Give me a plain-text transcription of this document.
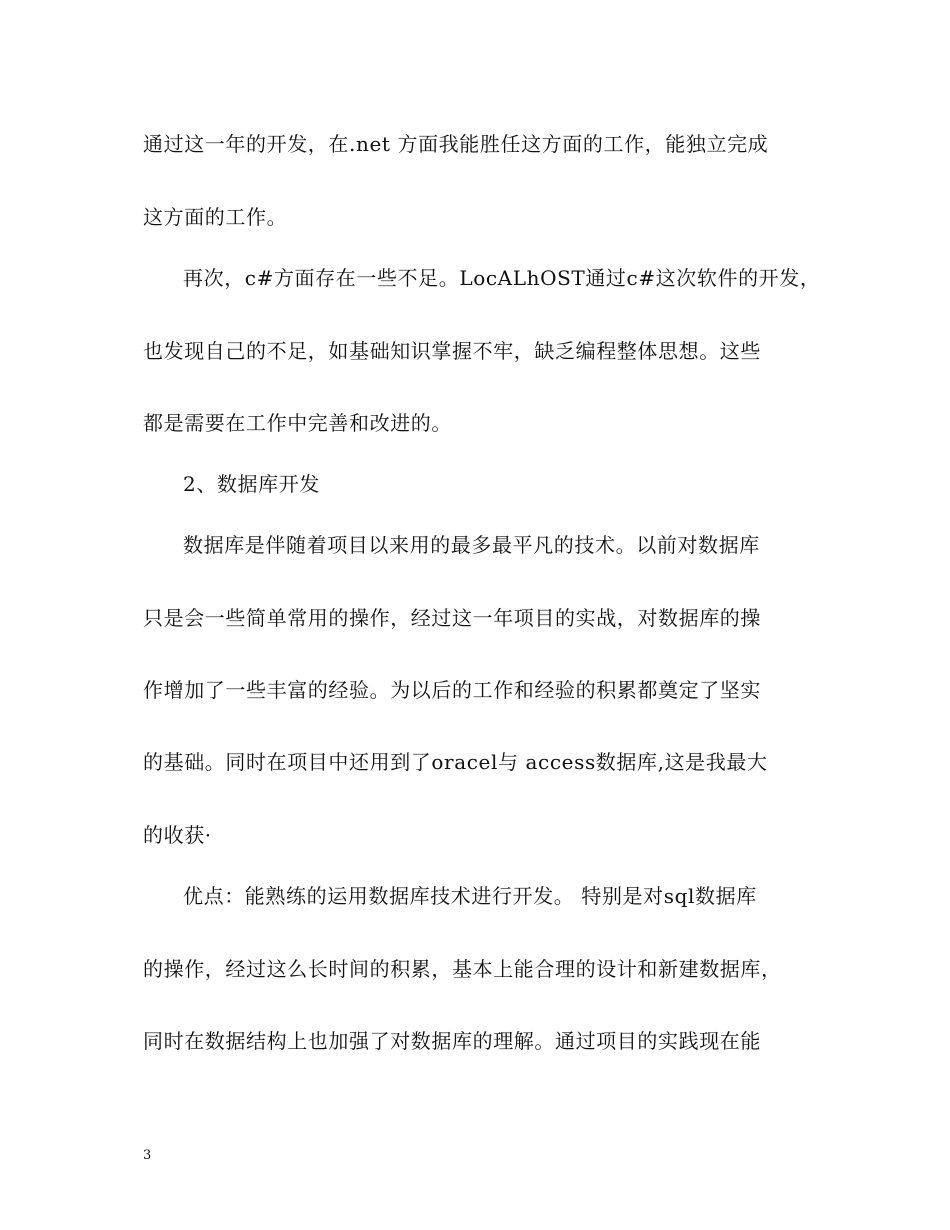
通过这一年的开发，在.net 方面我能胜任这方面的工作，能独立完成
这方面的工作。
再次，c#方面存在一些不足。LocALhOST通过c#这次软件的开发，
也发现自己的不足，如基础知识掌握不牢，缺乏编程整体思想。这些
都是需要在工作中完善和改进的。
2、数据库开发
数据库是伴随着项目以来用的最多最平凡的技术。以前对数据库
只是会一些简单常用的操作，经过这一年项目的实战，对数据库的操
作增加了一些丰富的经验。为以后的工作和经验的积累都奠定了坚实
的基础。同时在项目中还用到了oracel与 access数据库,这是我最大
的收获·
优点：能熟练的运用数据库技术进行开发。 特别是对sql数据库
的操作，经过这么长时间的积累，基本上能合理的设计和新建数据库，
同时在数据结构上也加强了对数据库的理解。通过项目的实践现在能
3
